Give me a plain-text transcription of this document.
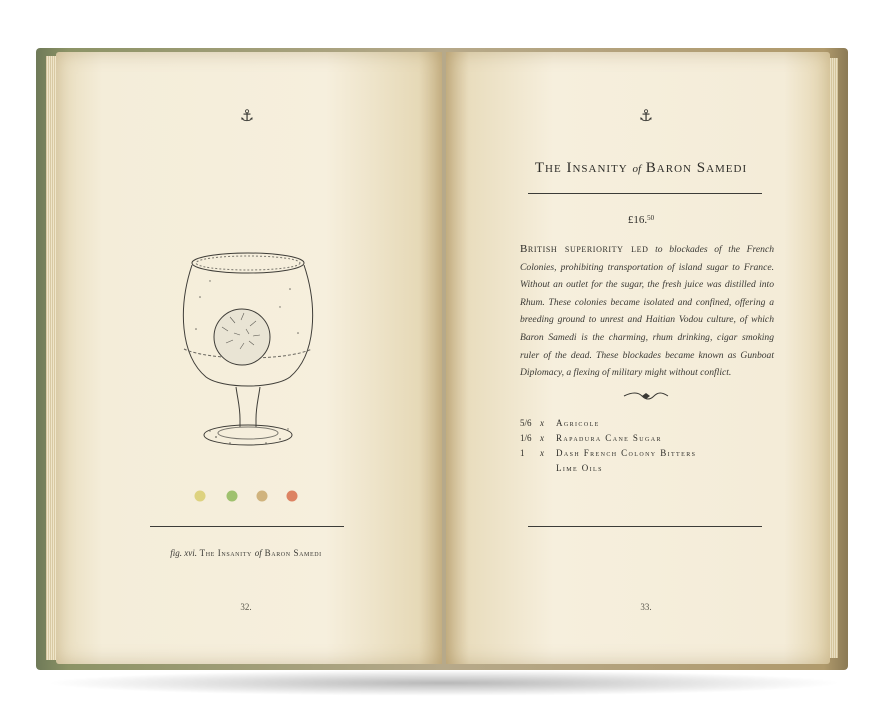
⚓
fig. xvi. The Insanity of Baron Samedi
32.
⚓
The Insanity of Baron Samedi
£16.50
British superiority led to blockades of the French Colonies, prohibiting transportation of island sugar to France. Without an outlet for the sugar, the fresh juice was distilled into Rhum. These colonies became isolated and confined, offering a breeding ground to unrest and Haitian Vodou culture, of which Baron Samedi is the charming, rhum drinking, cigar smoking ruler of the dead. These blockades became known as Gunboat Diplomacy, a flexing of military might without conflict.
5/6 x	Agricole
1/6 x	Rapadura Cane Sugar
1	x	Dash French Colony Bitters
Lime Oils
33.
